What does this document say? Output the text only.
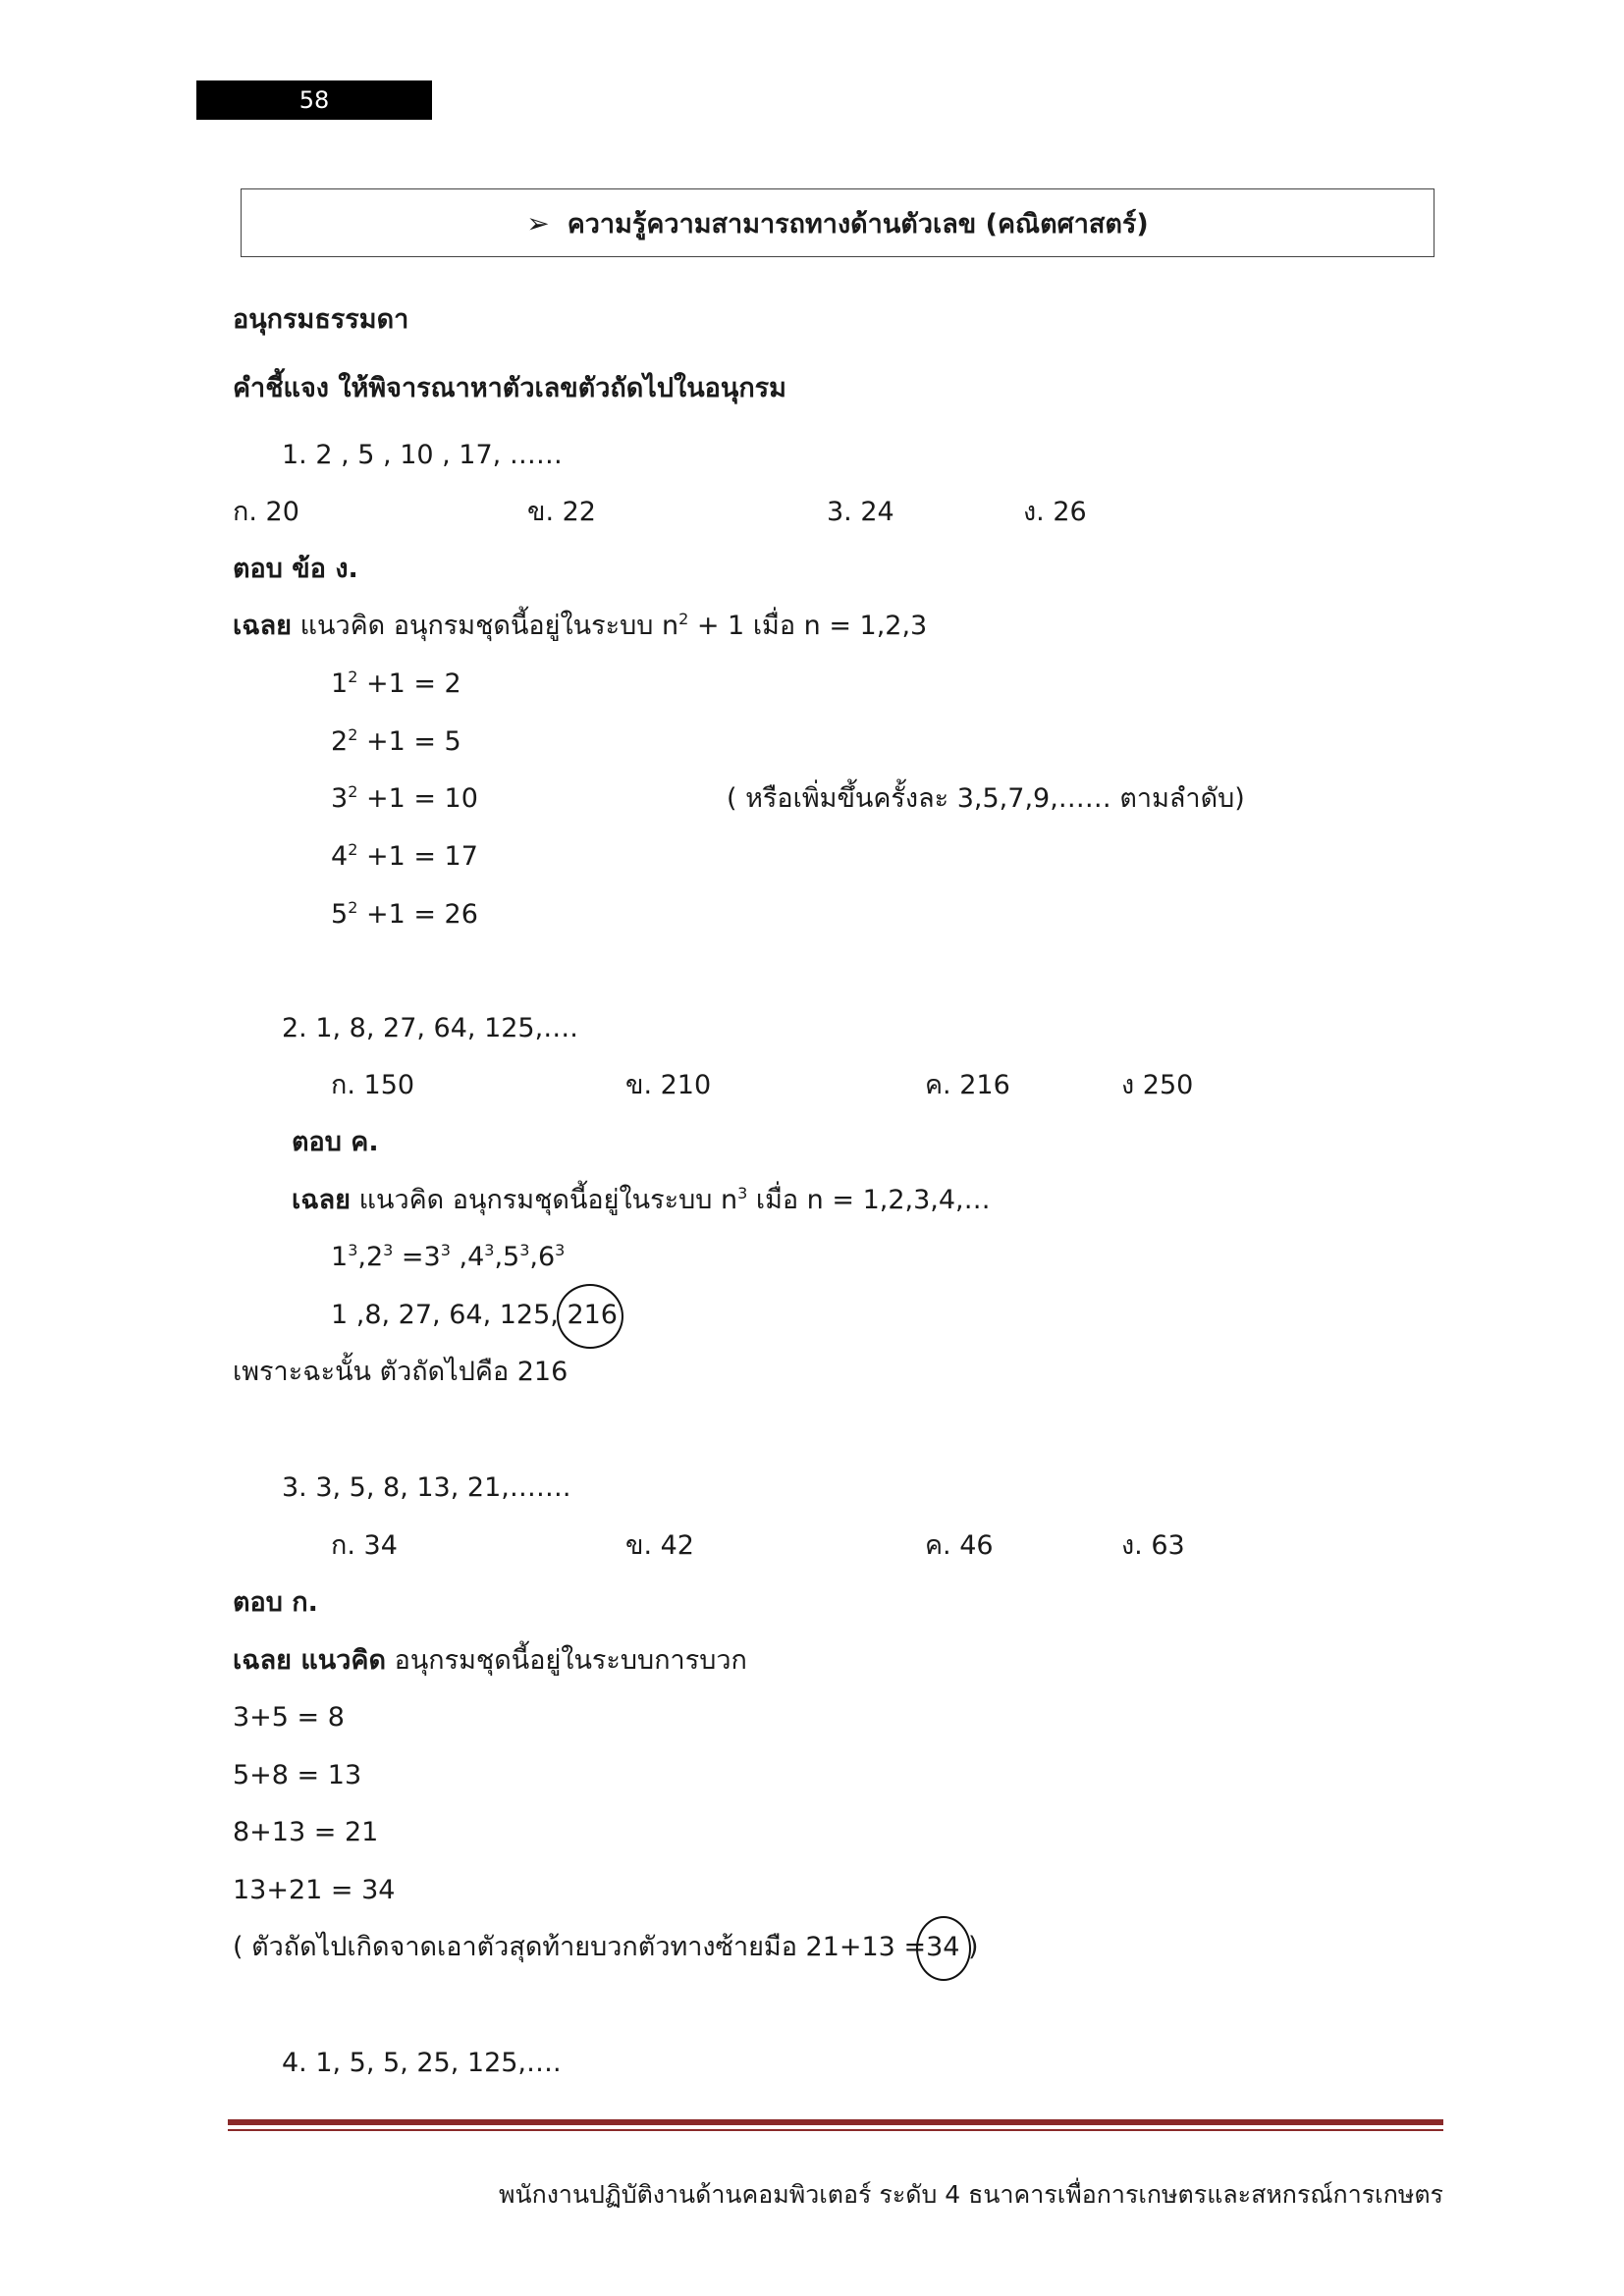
58
➢ ความรู้ความสามารถทางด้านตัวเลข (คณิตศาสตร์)
อนุกรมธรรมดา
คำชี้แจง ให้พิจารณาหาตัวเลขตัวถัดไปในอนุกรม
1. 2 , 5 , 10 , 17, ……
ก. 20	ข. 22	3. 24	ง. 26
ตอบ ข้อ ง.
เฉลย แนวคิด อนุกรมชุดนี้อยู่ในระบบ $n^2 + 1$ เมื่อ n = 1,2,3
$1^2 +1 = 2$
$2^2 +1 = 5$
$3^2 +1 = 10$	( หรือเพิ่มขึ้นครั้งละ 3,5,7,9,…… ตามลำดับ)
$4^2 +1 = 17$
$5^2 +1 = 26$
2. 1, 8, 27, 64, 125,….
ก. 150	ข. 210	ค. 216	ง 250
ตอบ ค.
เฉลย แนวคิด อนุกรมชุดนี้อยู่ในระบบ $n^3$ เมื่อ n = 1,2,3,4,…
$1^3,2^3 =3^3$ $,4^3,5^3,6^3$
1 ,8, 27, 64, 125, 216
เพราะฉะนั้น ตัวถัดไปคือ 216
3. 3, 5, 8, 13, 21,…….
ก. 34	ข. 42	ค. 46	ง. 63
ตอบ ก.
เฉลย แนวคิด อนุกรมชุดนี้อยู่ในระบบการบวก
3+5 = 8
5+8 = 13
8+13 = 21
13+21 = 34
( ตัวถัดไปเกิดจาดเอาตัวสุดท้ายบวกตัวทางซ้ายมือ 21+13 =34 )
4. 1, 5, 5, 25, 125,….
พนักงานปฏิบัติงานด้านคอมพิวเตอร์ ระดับ 4 ธนาคารเพื่อการเกษตรและสหกรณ์การเกษตร
